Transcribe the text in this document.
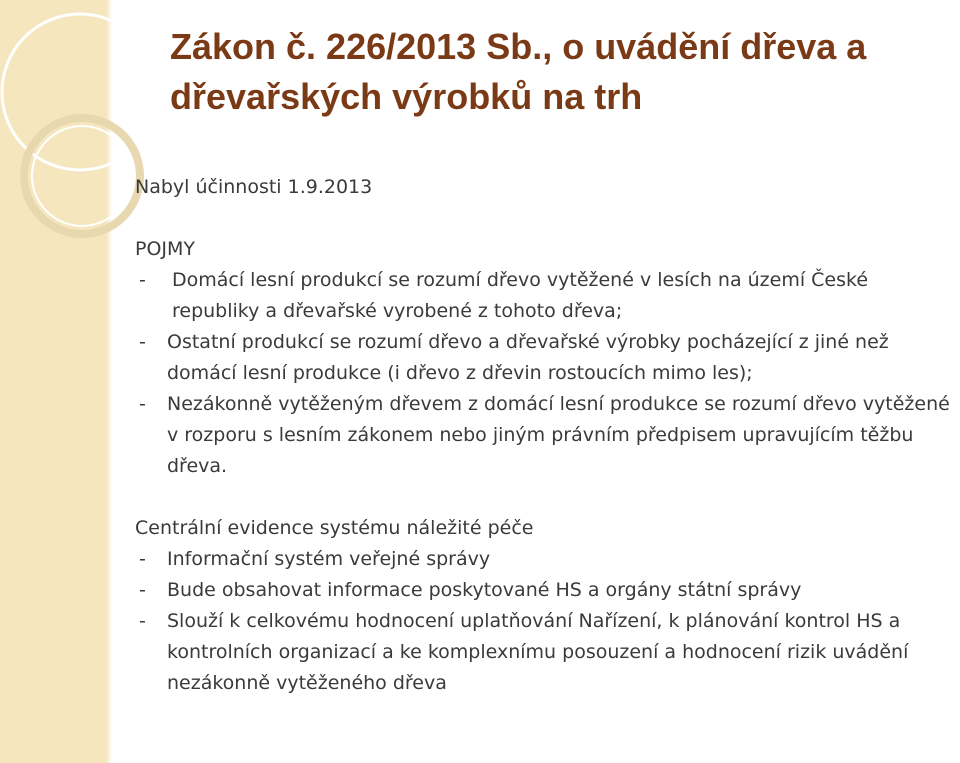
Zákon č. 226/2013 Sb., o uvádění dřeva a dřevařských výrobků na trh

Nabyl účinnosti 1.9.2013

POJMY

- Domácí lesní produkcí se rozumí dřevo vytěžené v lesích na území České republiky a dřevařské vyrobené z tohoto dřeva;
- Ostatní produkcí se rozumí dřevo a dřevařské výrobky pocházející z jiné než domácí lesní produkce (i dřevo z dřevin rostoucích mimo les);
- Nezákonně vytěženým dřevem z domácí lesní produkce se rozumí dřevo vytěžené v rozporu s lesním zákonem nebo jiným právním předpisem upravujícím těžbu dřeva.

Centrální evidence systému náležité péče

- Informační systém veřejné správy
- Bude obsahovat informace poskytované HS a orgány státní správy
- Slouží k celkovému hodnocení uplatňování Nařízení, k plánování kontrol HS a kontrolních organizací a ke komplexnímu posouzení a hodnocení rizik uvádění nezákonně vytěženého dřeva
